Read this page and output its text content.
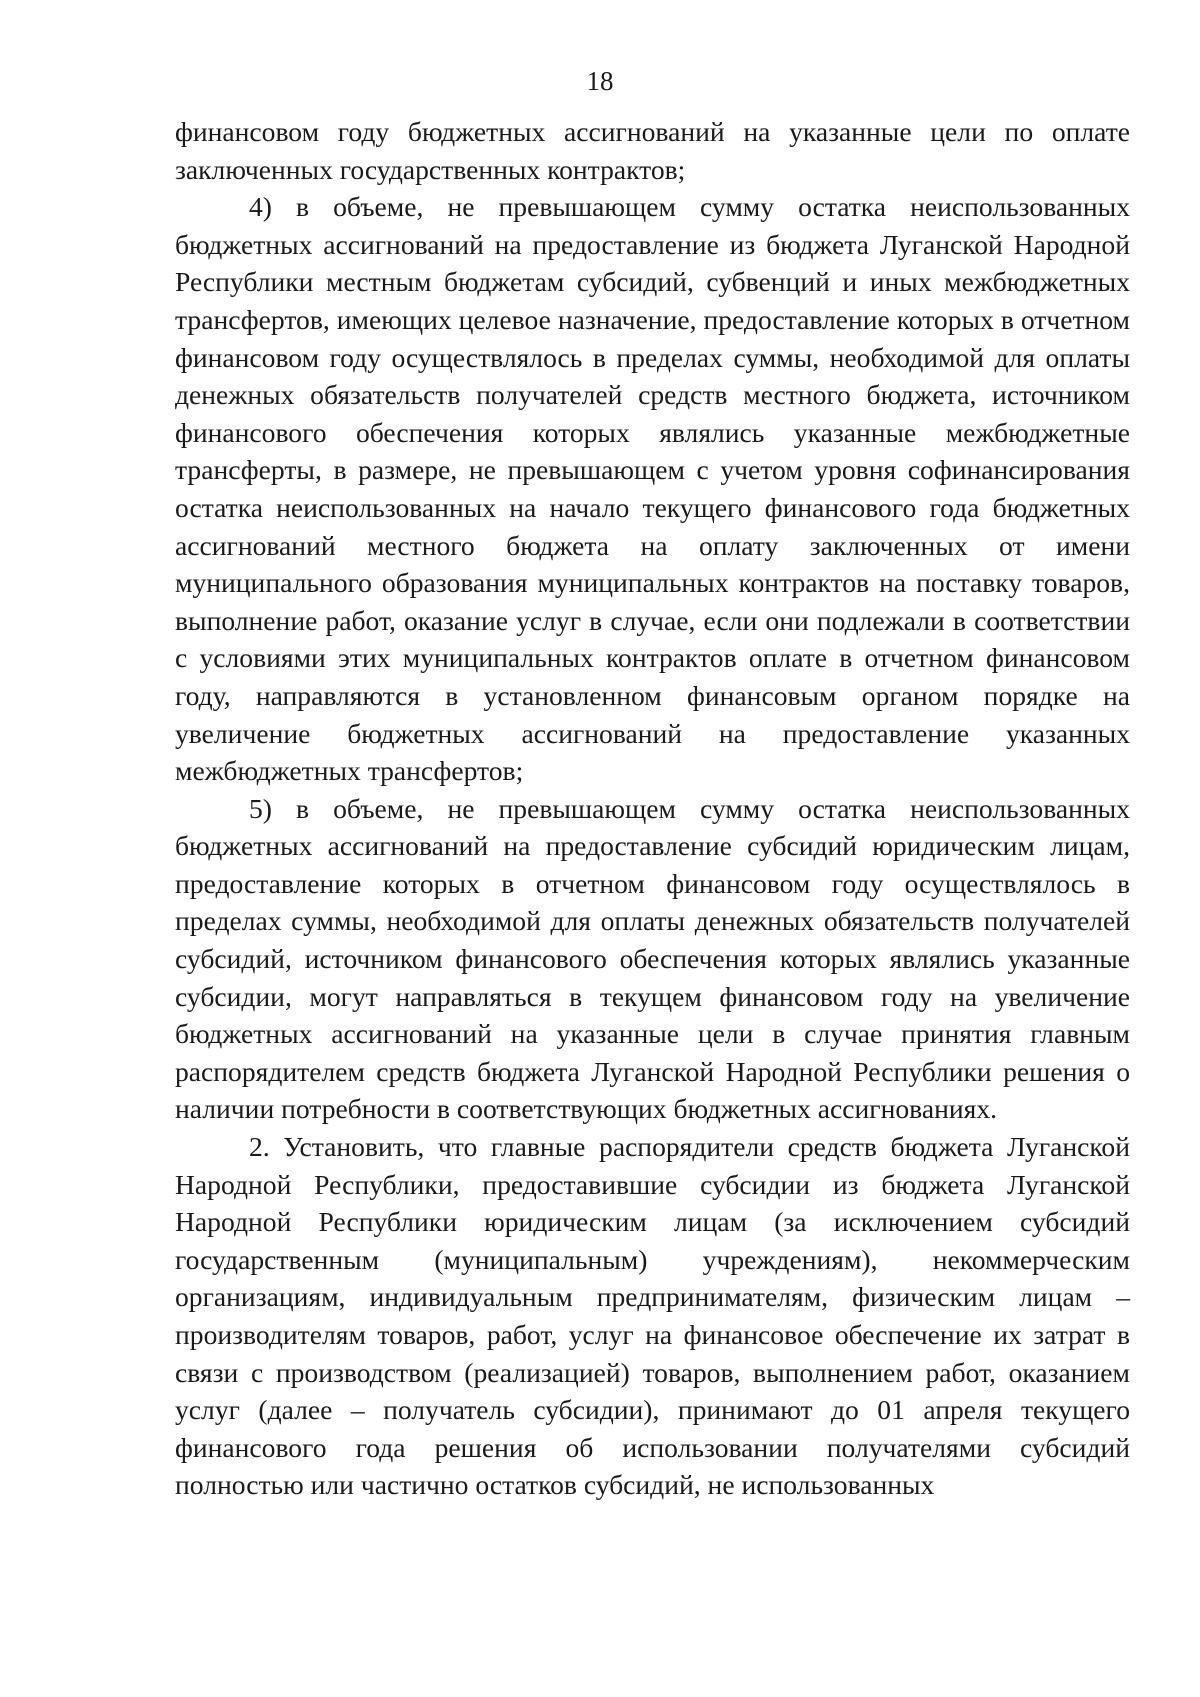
18

финансовом году бюджетных ассигнований на указанные цели по оплате заключенных государственных контрактов;

4) в объеме, не превышающем сумму остатка неиспользованных бюджетных ассигнований на предоставление из бюджета Луганской Народной Республики местным бюджетам субсидий, субвенций и иных межбюджетных трансфертов, имеющих целевое назначение, предоставление которых в отчетном финансовом году осуществлялось в пределах суммы, необходимой для оплаты денежных обязательств получателей средств местного бюджета, источником финансового обеспечения которых являлись указанные межбюджетные трансферты, в размере, не превышающем с учетом уровня софинансирования остатка неиспользованных на начало текущего финансового года бюджетных ассигнований местного бюджета на оплату заключенных от имени муниципального образования муниципальных контрактов на поставку товаров, выполнение работ, оказание услуг в случае, если они подлежали в соответствии с условиями этих муниципальных контрактов оплате в отчетном финансовом году, направляются в установленном финансовым органом порядке на увеличение бюджетных ассигнований на предоставление указанных межбюджетных трансфертов;

5) в объеме, не превышающем сумму остатка неиспользованных бюджетных ассигнований на предоставление субсидий юридическим лицам, предоставление которых в отчетном финансовом году осуществлялось в пределах суммы, необходимой для оплаты денежных обязательств получателей субсидий, источником финансового обеспечения которых являлись указанные субсидии, могут направляться в текущем финансовом году на увеличение бюджетных ассигнований на указанные цели в случае принятия главным распорядителем средств бюджета Луганской Народной Республики решения о наличии потребности в соответствующих бюджетных ассигнованиях.

2. Установить, что главные распорядители средств бюджета Луганской Народной Республики, предоставившие субсидии из бюджета Луганской Народной Республики юридическим лицам (за исключением субсидий государственным (муниципальным) учреждениям), некоммерческим организациям, индивидуальным предпринимателям, физическим лицам – производителям товаров, работ, услуг на финансовое обеспечение их затрат в связи с производством (реализацией) товаров, выполнением работ, оказанием услуг (далее – получатель субсидии), принимают до 01 апреля текущего финансового года решения об использовании получателями субсидий полностью или частично остатков субсидий, не использованных
